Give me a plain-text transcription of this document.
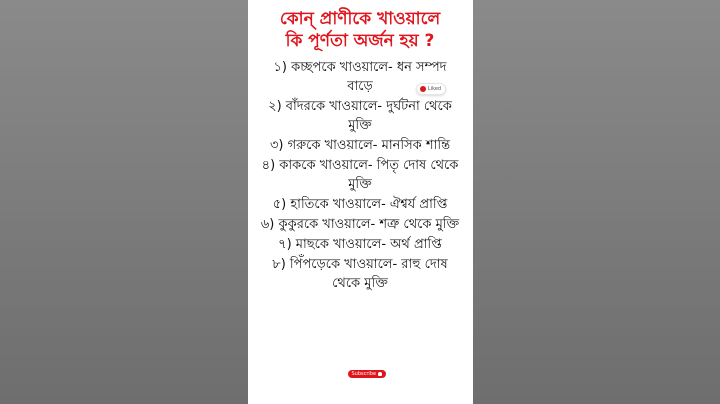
কোন্ প্রাণীকে খাওয়ালে

কি পূর্ণতা অর্জন হয় ?

১) কচ্ছপকে খাওয়ালে- ধন সম্পদ বাড়ে

২) বাঁদরকে খাওয়ালে- দুর্ঘটনা থেকে মুক্তি

৩) গরুকে খাওয়ালে- মানসিক শান্তি

৪) কাককে খাওয়ালে- পিতৃ দোষ থেকে মুক্তি

৫) হাতিকে খাওয়ালে- ঐশ্বর্য প্রাপ্তি

৬) কুকুরকে খাওয়ালে- শত্রু থেকে মুক্তি

৭) মাছকে খাওয়ালে- অর্থ প্রাপ্তি

৮) পিঁপড়েকে খাওয়ালে- রাহু দোষ থেকে মুক্তি

Liked
Subscribe
